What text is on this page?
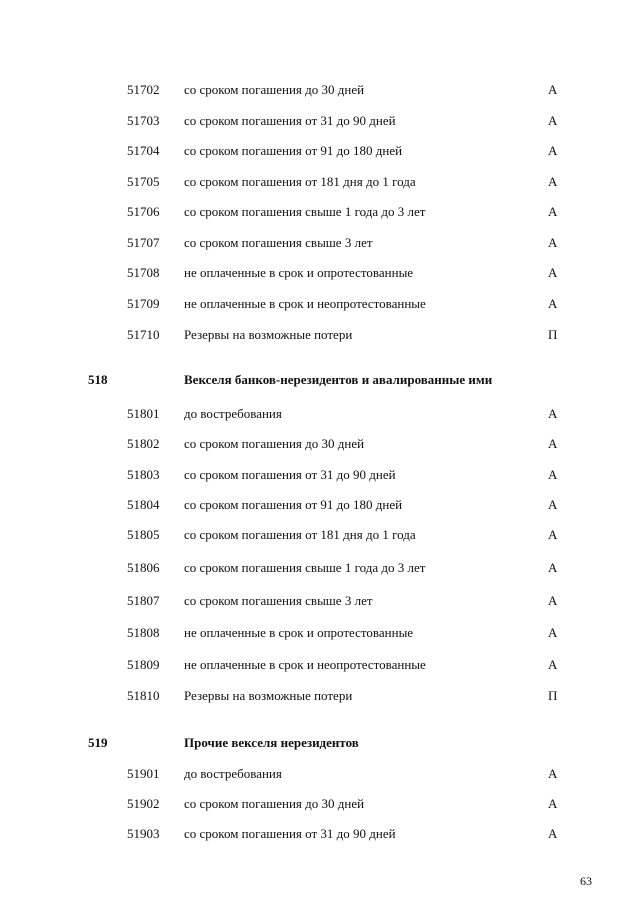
51702 со сроком погашения до 30 дней	А
51703 со сроком погашения от 31 до 90 дней	А
51704 со сроком погашения от 91 до 180 дней	А
51705 со сроком погашения от 181 дня до 1 года	А
51706 со сроком погашения свыше 1 года до 3 лет	А
51707 со сроком погашения свыше 3 лет	А
51708 не оплаченные в срок и опротестованные	А
51709 не оплаченные в срок и неопротестованные	А
51710 Резервы на возможные потери	П
518	Векселя банков-нерезидентов и авалированные ими
51801 до востребования	А
51802 со сроком погашения до 30 дней	А
51803 со сроком погашения от 31 до 90 дней	А
51804 со сроком погашения от 91 до 180 дней	А
51805 со сроком погашения от 181 дня до 1 года	А
51806 со сроком погашения свыше 1 года до 3 лет	А
51807 со сроком погашения свыше 3 лет	А
51808 не оплаченные в срок и опротестованные	А
51809 не оплаченные в срок и неопротестованные	А
51810 Резервы на возможные потери	П
519	Прочие векселя нерезидентов
51901 до востребования	А
51902 со сроком погашения до 30 дней	А
51903 со сроком погашения от 31 до 90 дней	А
63
